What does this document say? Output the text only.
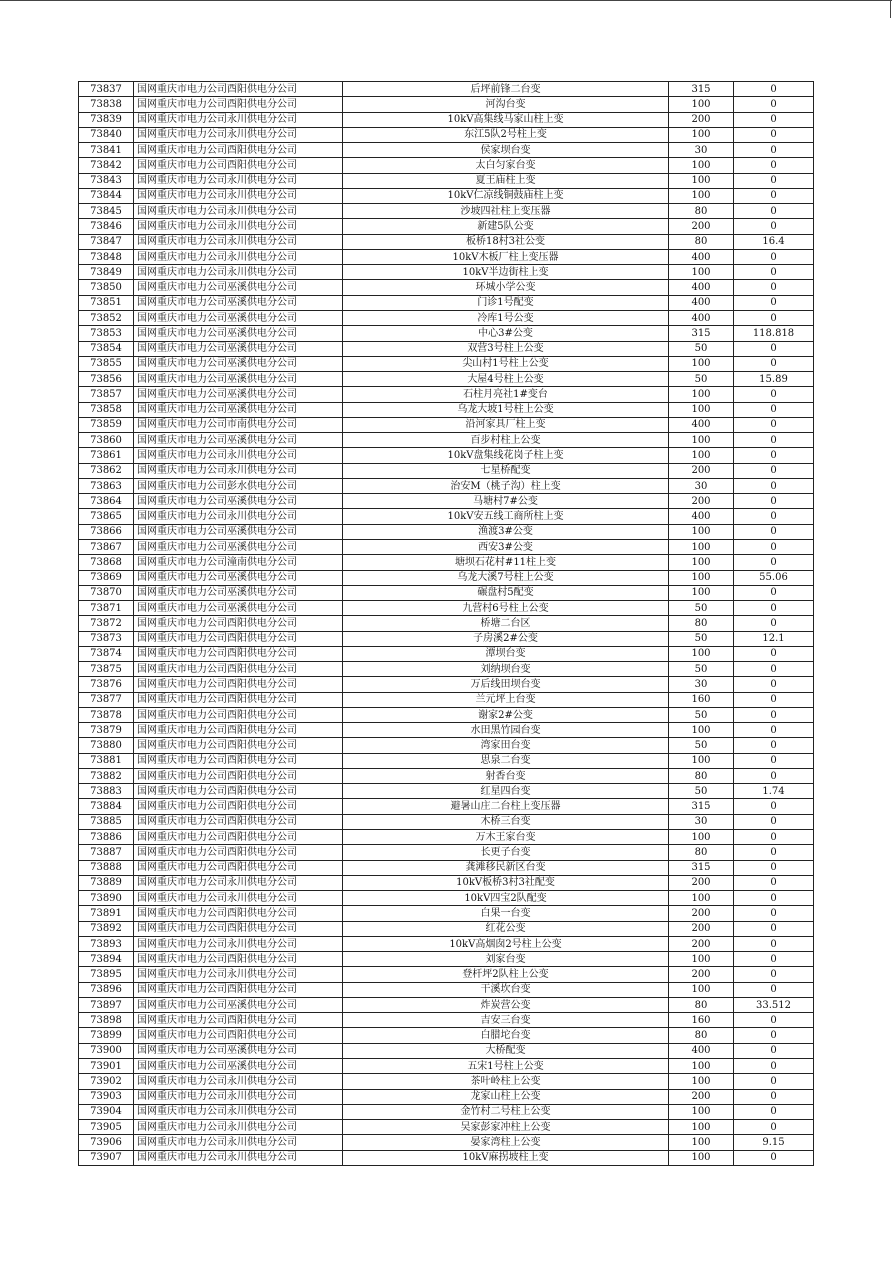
73837	国网重庆市电力公司酉阳供电分公司	后坪前锋二台变	315	0
73838	国网重庆市电力公司酉阳供电分公司	河沟台变	100	0
73839	国网重庆市电力公司永川供电分公司	10kV高集线马家山柱上变	200	0
73840	国网重庆市电力公司永川供电分公司	东江5队2号柱上变	100	0
73841	国网重庆市电力公司酉阳供电分公司	侯家坝台变	30	0
73842	国网重庆市电力公司酉阳供电分公司	太白匀家台变	100	0
73843	国网重庆市电力公司永川供电分公司	夏王庙柱上变	100	0
73844	国网重庆市电力公司永川供电分公司	10kV仁凉线铜鼓庙柱上变	100	0
73845	国网重庆市电力公司永川供电分公司	沙坡四社柱上变压器	80	0
73846	国网重庆市电力公司永川供电分公司	新建5队公变	200	0
73847	国网重庆市电力公司永川供电分公司	板桥18村3社公变	80	16.4
73848	国网重庆市电力公司永川供电分公司	10kV木板厂柱上变压器	400	0
73849	国网重庆市电力公司永川供电分公司	10kV半边街柱上变	100	0
73850	国网重庆市电力公司巫溪供电分公司	环城小学公变	400	0
73851	国网重庆市电力公司巫溪供电分公司	门诊1号配变	400	0
73852	国网重庆市电力公司巫溪供电分公司	冷库1号公变	400	0
73853	国网重庆市电力公司巫溪供电分公司	中心3#公变	315	118.818
73854	国网重庆市电力公司巫溪供电分公司	双营3号柱上公变	50	0
73855	国网重庆市电力公司巫溪供电分公司	尖山村1号柱上公变	100	0
73856	国网重庆市电力公司巫溪供电分公司	大屋4号柱上公变	50	15.89
73857	国网重庆市电力公司巫溪供电分公司	石柱月亮社1#变台	100	0
73858	国网重庆市电力公司巫溪供电分公司	乌龙大坡1号柱上公变	100	0
73859	国网重庆市电力公司市南供电分公司	沿河家具厂柱上变	400	0
73860	国网重庆市电力公司巫溪供电分公司	百步村柱上公变	100	0
73861	国网重庆市电力公司永川供电分公司	10kV盘集线花岗子柱上变	100	0
73862	国网重庆市电力公司永川供电分公司	七星桥配变	200	0
73863	国网重庆市电力公司彭水供电分公司	治安M（桃子沟）柱上变	30	0
73864	国网重庆市电力公司巫溪供电分公司	马塘村7#公变	200	0
73865	国网重庆市电力公司永川供电分公司	10kV安五线工商所柱上变	400	0
73866	国网重庆市电力公司巫溪供电分公司	渔渡3#公变	100	0
73867	国网重庆市电力公司巫溪供电分公司	西安3#公变	100	0
73868	国网重庆市电力公司潼南供电分公司	塘坝石花村#11柱上变	100	0
73869	国网重庆市电力公司巫溪供电分公司	乌龙大溪7号柱上公变	100	55.06
73870	国网重庆市电力公司巫溪供电分公司	碾盘村5配变	100	0
73871	国网重庆市电力公司巫溪供电分公司	九营村6号柱上公变	50	0
73872	国网重庆市电力公司酉阳供电分公司	桥塘二台区	80	0
73873	国网重庆市电力公司酉阳供电分公司	子房溪2#公变	50	12.1
73874	国网重庆市电力公司酉阳供电分公司	潭坝台变	100	0
73875	国网重庆市电力公司酉阳供电分公司	刘纳坝台变	50	0
73876	国网重庆市电力公司酉阳供电分公司	万后线田坝台变	30	0
73877	国网重庆市电力公司酉阳供电分公司	兰元坪上台变	160	0
73878	国网重庆市电力公司酉阳供电分公司	谢家2#公变	50	0
73879	国网重庆市电力公司酉阳供电分公司	水田黑竹园台变	100	0
73880	国网重庆市电力公司酉阳供电分公司	湾家田台变	50	0
73881	国网重庆市电力公司酉阳供电分公司	思泉二台变	100	0
73882	国网重庆市电力公司酉阳供电分公司	射香台变	80	0
73883	国网重庆市电力公司酉阳供电分公司	红星四台变	50	1.74
73884	国网重庆市电力公司酉阳供电分公司	避暑山庄二台柱上变压器	315	0
73885	国网重庆市电力公司酉阳供电分公司	木桥三台变	30	0
73886	国网重庆市电力公司酉阳供电分公司	万木王家台变	100	0
73887	国网重庆市电力公司酉阳供电分公司	长更子台变	80	0
73888	国网重庆市电力公司酉阳供电分公司	龚滩移民新区台变	315	0
73889	国网重庆市电力公司永川供电分公司	10kV板桥3村3社配变	200	0
73890	国网重庆市电力公司永川供电分公司	10kV四宝2队配变	100	0
73891	国网重庆市电力公司酉阳供电分公司	白果一台变	200	0
73892	国网重庆市电力公司酉阳供电分公司	红花公变	200	0
73893	国网重庆市电力公司永川供电分公司	10kV高烟囱2号柱上公变	200	0
73894	国网重庆市电力公司酉阳供电分公司	刘家台变	100	0
73895	国网重庆市电力公司永川供电分公司	登杆坪2队柱上公变	200	0
73896	国网重庆市电力公司酉阳供电分公司	干溪坎台变	100	0
73897	国网重庆市电力公司巫溪供电分公司	炸炭营公变	80	33.512
73898	国网重庆市电力公司酉阳供电分公司	吉安三台变	160	0
73899	国网重庆市电力公司酉阳供电分公司	白腊坨台变	80	0
73900	国网重庆市电力公司巫溪供电分公司	大桥配变	400	0
73901	国网重庆市电力公司巫溪供电分公司	五宋1号柱上公变	100	0
73902	国网重庆市电力公司永川供电分公司	茶叶岭柱上公变	100	0
73903	国网重庆市电力公司永川供电分公司	龙家山柱上公变	200	0
73904	国网重庆市电力公司永川供电分公司	金竹村二号柱上公变	100	0
73905	国网重庆市电力公司永川供电分公司	吴家彭家冲柱上公变	100	0
73906	国网重庆市电力公司永川供电分公司	晏家湾柱上公变	100	9.15
73907	国网重庆市电力公司永川供电分公司	10kV麻拐坡柱上变	100	0
